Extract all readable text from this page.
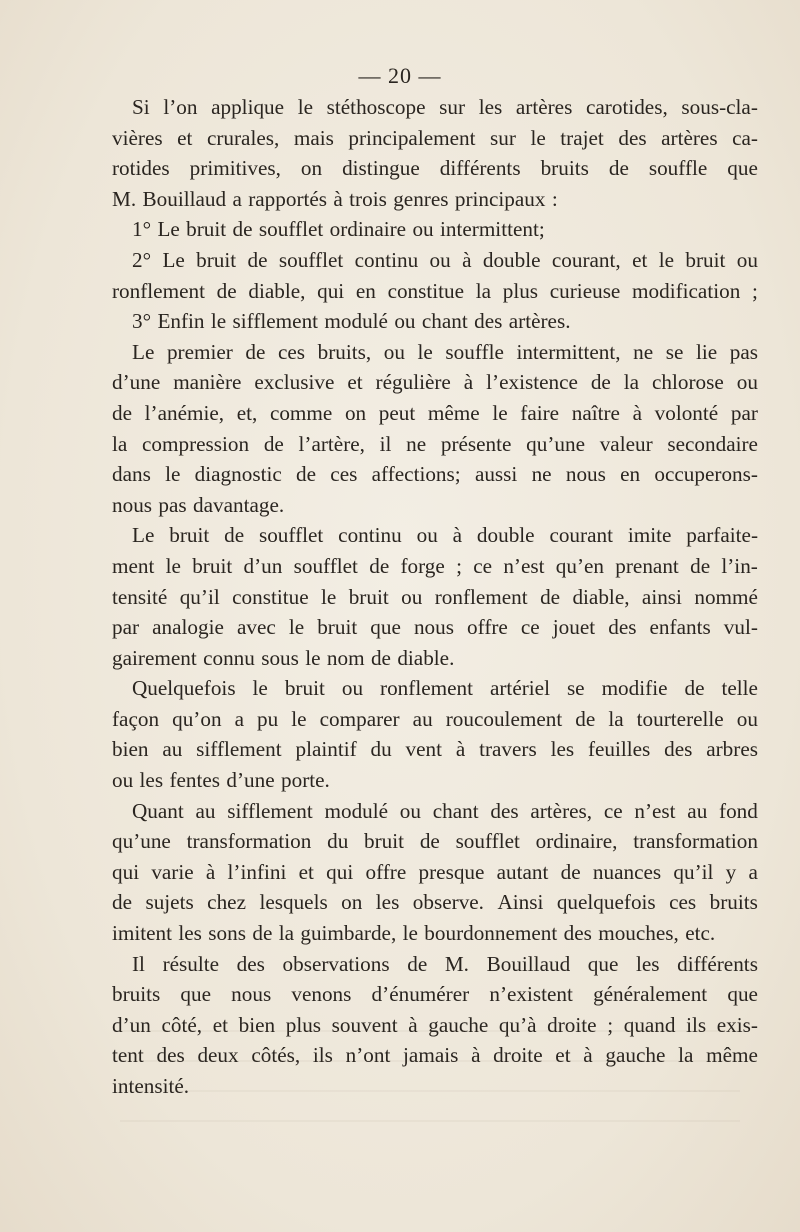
— 20 —
Si l’on applique le stéthoscope sur les artères carotides, sous-cla-
vières et crurales, mais principalement sur le trajet des artères ca-
rotides primitives, on distingue différents bruits de souffle que
M. Bouillaud a rapportés à trois genres principaux :
1° Le bruit de soufflet ordinaire ou intermittent;
2° Le bruit de soufflet continu ou à double courant, et le bruit ou
ronflement de diable, qui en constitue la plus curieuse modification ;
3° Enfin le sifflement modulé ou chant des artères.
Le premier de ces bruits, ou le souffle intermittent, ne se lie pas
d’une manière exclusive et régulière à l’existence de la chlorose ou
de l’anémie, et, comme on peut même le faire naître à volonté par
la compression de l’artère, il ne présente qu’une valeur secondaire
dans le diagnostic de ces affections; aussi ne nous en occuperons-
nous pas davantage.
Le bruit de soufflet continu ou à double courant imite parfaite-
ment le bruit d’un soufflet de forge ; ce n’est qu’en prenant de l’in-
tensité qu’il constitue le bruit ou ronflement de diable, ainsi nommé
par analogie avec le bruit que nous offre ce jouet des enfants vul-
gairement connu sous le nom de diable.
Quelquefois le bruit ou ronflement artériel se modifie de telle
façon qu’on a pu le comparer au roucoulement de la tourterelle ou
bien au sifflement plaintif du vent à travers les feuilles des arbres
ou les fentes d’une porte.
Quant au sifflement modulé ou chant des artères, ce n’est au fond
qu’une transformation du bruit de soufflet ordinaire, transformation
qui varie à l’infini et qui offre presque autant de nuances qu’il y a
de sujets chez lesquels on les observe. Ainsi quelquefois ces bruits
imitent les sons de la guimbarde, le bourdonnement des mouches, etc.
Il résulte des observations de M. Bouillaud que les différents
bruits que nous venons d’énumérer n’existent généralement que
d’un côté, et bien plus souvent à gauche qu’à droite ; quand ils exis-
tent des deux côtés, ils n’ont jamais à droite et à gauche la même
intensité.
